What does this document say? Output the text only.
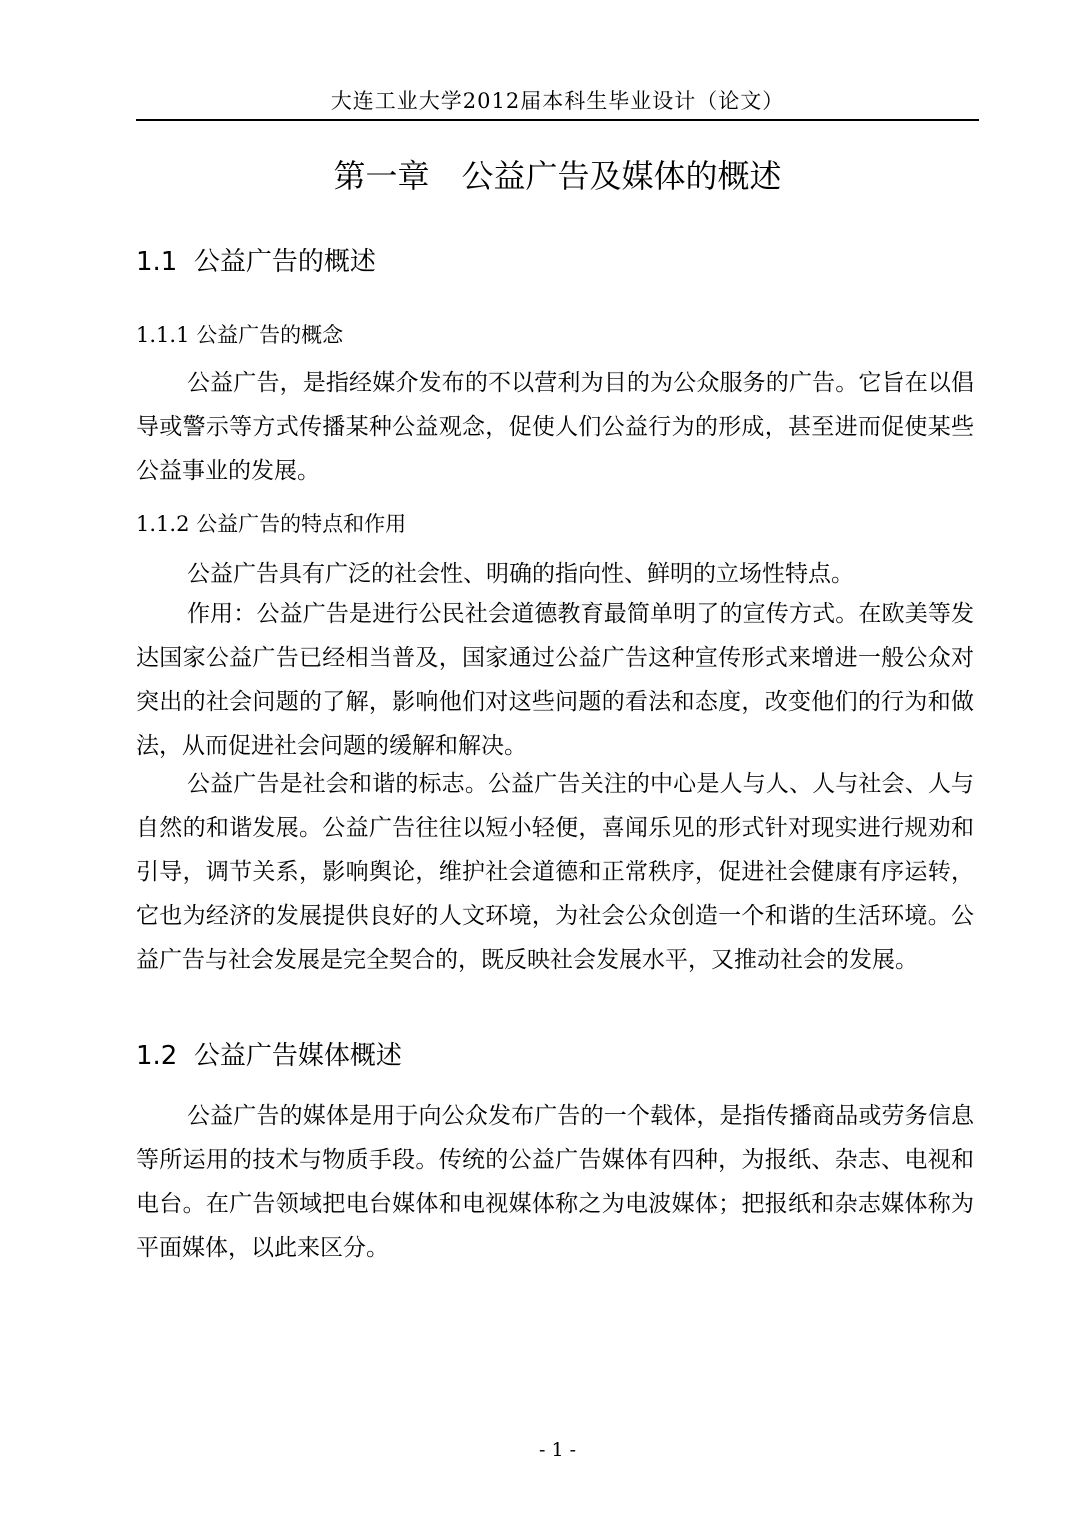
大连工业大学2012届本科生毕业设计（论文）
第一章　公益广告及媒体的概述
1.1  公益广告的概述
1.1.1 公益广告的概念

公益广告，是指经媒介发布的不以营利为目的为公众服务的广告。它旨在以倡导或警示等方式传播某种公益观念，促使人们公益行为的形成，甚至进而促使某些公益事业的发展。

1.1.2 公益广告的特点和作用

公益广告具有广泛的社会性、明确的指向性、鲜明的立场性特点。

作用：公益广告是进行公民社会道德教育最简单明了的宣传方式。在欧美等发达国家公益广告已经相当普及，国家通过公益广告这种宣传形式来增进一般公众对突出的社会问题的了解，影响他们对这些问题的看法和态度，改变他们的行为和做法，从而促进社会问题的缓解和解决。

公益广告是社会和谐的标志。公益广告关注的中心是人与人、人与社会、人与自然的和谐发展。公益广告往往以短小轻便，喜闻乐见的形式针对现实进行规劝和引导，调节关系，影响舆论，维护社会道德和正常秩序，促进社会健康有序运转，它也为经济的发展提供良好的人文环境，为社会公众创造一个和谐的生活环境。公益广告与社会发展是完全契合的，既反映社会发展水平，又推动社会的发展。

1.2  公益广告媒体概述

公益广告的媒体是用于向公众发布广告的一个载体，是指传播商品或劳务信息等所运用的技术与物质手段。传统的公益广告媒体有四种，为报纸、杂志、电视和电台。在广告领域把电台媒体和电视媒体称之为电波媒体；把报纸和杂志媒体称为平面媒体，以此来区分。

- 1 -
